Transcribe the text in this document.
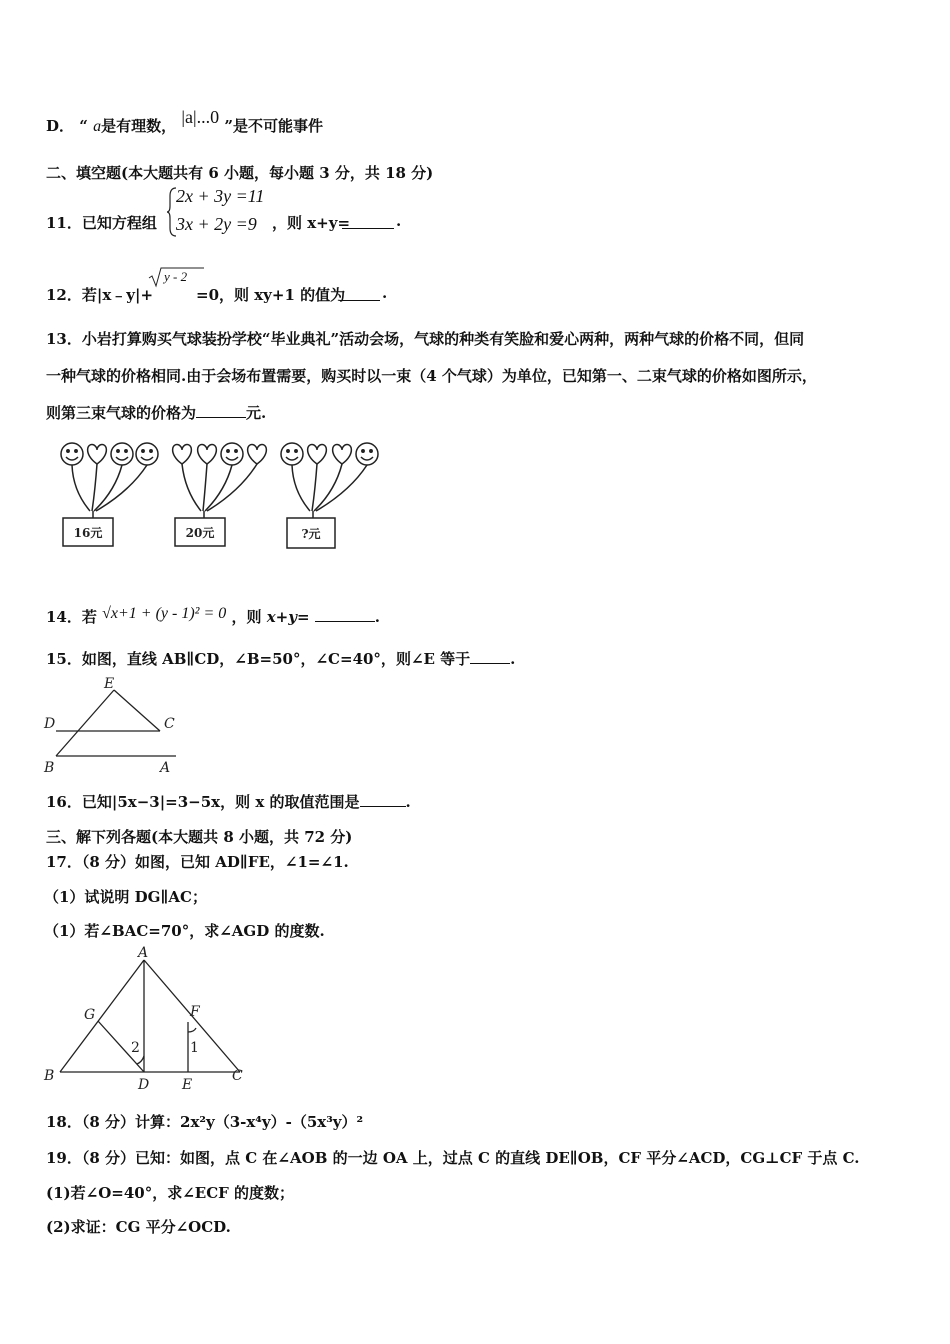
D． “ a是有理数， |a|...0 ”是不可能事件
二、填空题(本大题共有 6 小题，每小题 3 分，共 18 分)
11．已知方程组
2x + 3y =11
3x + 2y =9 ，则 x+y=	.
12．若|x﹣y|+
y - 2
=0，则 xy+1 的值为 .
13．小岩打算购买气球装扮学校“毕业典礼”活动会场，气球的种类有笑脸和爱心两种，两种气球的价格不同，但同
一种气球的价格相同.由于会场布置需要，购买时以一束（4 个气球）为单位，已知第一、二束气球的价格如图所示，
则第三束气球的价格为	元.
16元	20元	?元
14．若 √x+1 + (y - 1)² = 0 ，则 x+y=	.
15．如图，直线 AB∥CD，∠B=50°，∠C=40°，则∠E 等于	.
E
D	C
B	A
16．已知|5x−3|=3−5x，则 x 的取值范围是	.
三、解下列各题(本大题共 8 小题，共 72 分)
17．（8 分）如图，已知 AD∥FE，∠1=∠1.
（1）试说明 DG∥AC；
（1）若∠BAC=70°，求∠AGD 的度数.
A
G	F
2	1
B
D E
C
18．（8 分）计算：2x²y（3-x⁴y）-（5x³y）²
19．（8 分）已知：如图，点 C 在∠AOB 的一边 OA 上，过点 C 的直线 DE∥OB，CF 平分∠ACD，CG⊥CF 于点 C.
(1)若∠O=40°，求∠ECF 的度数；
(2)求证：CG 平分∠OCD.
